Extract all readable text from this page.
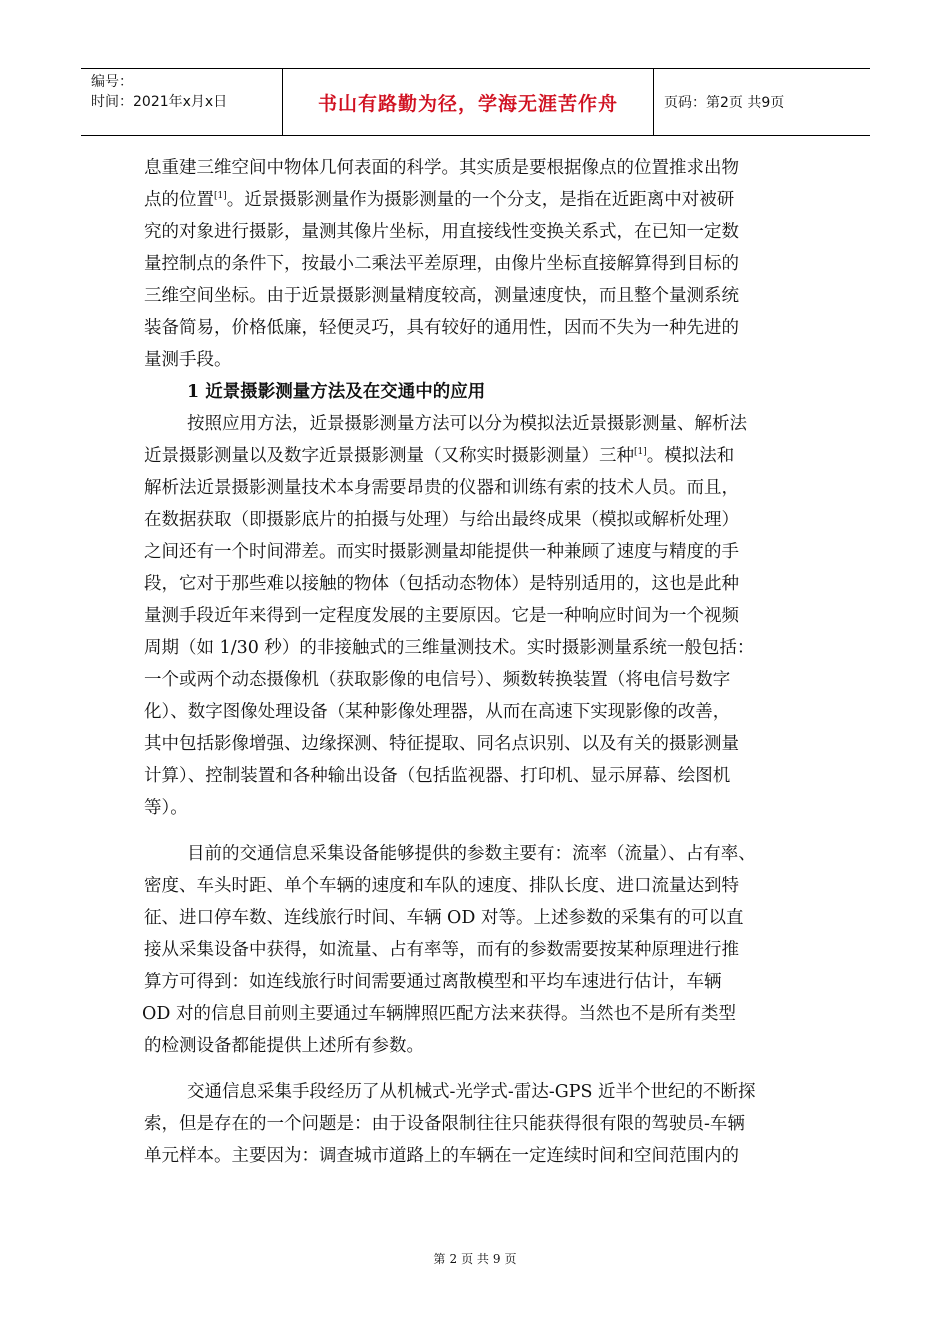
编号：
时间：2021年x月x日	书山有路勤为径，学海无涯苦作舟	页码：第2页 共9页
息重建三维空间中物体几何表面的科学。其实质是要根据像点的位置推求出物
点的位置[1]。近景摄影测量作为摄影测量的一个分支，是指在近距离中对被研
究的对象进行摄影，量测其像片坐标，用直接线性变换关系式，在已知一定数
量控制点的条件下，按最小二乘法平差原理，由像片坐标直接解算得到目标的
三维空间坐标。由于近景摄影测量精度较高，测量速度快，而且整个量测系统
装备简易，价格低廉，轻便灵巧，具有较好的通用性，因而不失为一种先进的
量测手段。
1 近景摄影测量方法及在交通中的应用
按照应用方法，近景摄影测量方法可以分为模拟法近景摄影测量、解析法
近景摄影测量以及数字近景摄影测量（又称实时摄影测量）三种[1]。模拟法和
解析法近景摄影测量技术本身需要昂贵的仪器和训练有索的技术人员。而且，
在数据获取（即摄影底片的拍摄与处理）与给出最终成果（模拟或解析处理）
之间还有一个时间滞差。而实时摄影测量却能提供一种兼顾了速度与精度的手
段，它对于那些难以接触的物体（包括动态物体）是特别适用的，这也是此种
量测手段近年来得到一定程度发展的主要原因。它是一种响应时间为一个视频
周期（如 1/30 秒）的非接触式的三维量测技术。实时摄影测量系统一般包括：
一个或两个动态摄像机（获取影像的电信号）、频数转换装置（将电信号数字
化）、数字图像处理设备（某种影像处理器，从而在高速下实现影像的改善，
其中包括影像增强、边缘探测、特征提取、同名点识别、以及有关的摄影测量
计算）、控制装置和各种输出设备（包括监视器、打印机、显示屏幕、绘图机
等）。
目前的交通信息采集设备能够提供的参数主要有：流率（流量）、占有率、
密度、车头时距、单个车辆的速度和车队的速度、排队长度、进口流量达到特
征、进口停车数、连线旅行时间、车辆 OD 对等。上述参数的采集有的可以直
接从采集设备中获得，如流量、占有率等，而有的参数需要按某种原理进行推
算方可得到：如连线旅行时间需要通过离散模型和平均车速进行估计，车辆
OD 对的信息目前则主要通过车辆牌照匹配方法来获得。当然也不是所有类型
的检测设备都能提供上述所有参数。
交通信息采集手段经历了从机械式-光学式-雷达-GPS 近半个世纪的不断探
索，但是存在的一个问题是：由于设备限制往往只能获得很有限的驾驶员-车辆
单元样本。主要因为：调查城市道路上的车辆在一定连续时间和空间范围内的
第 2 页 共 9 页
